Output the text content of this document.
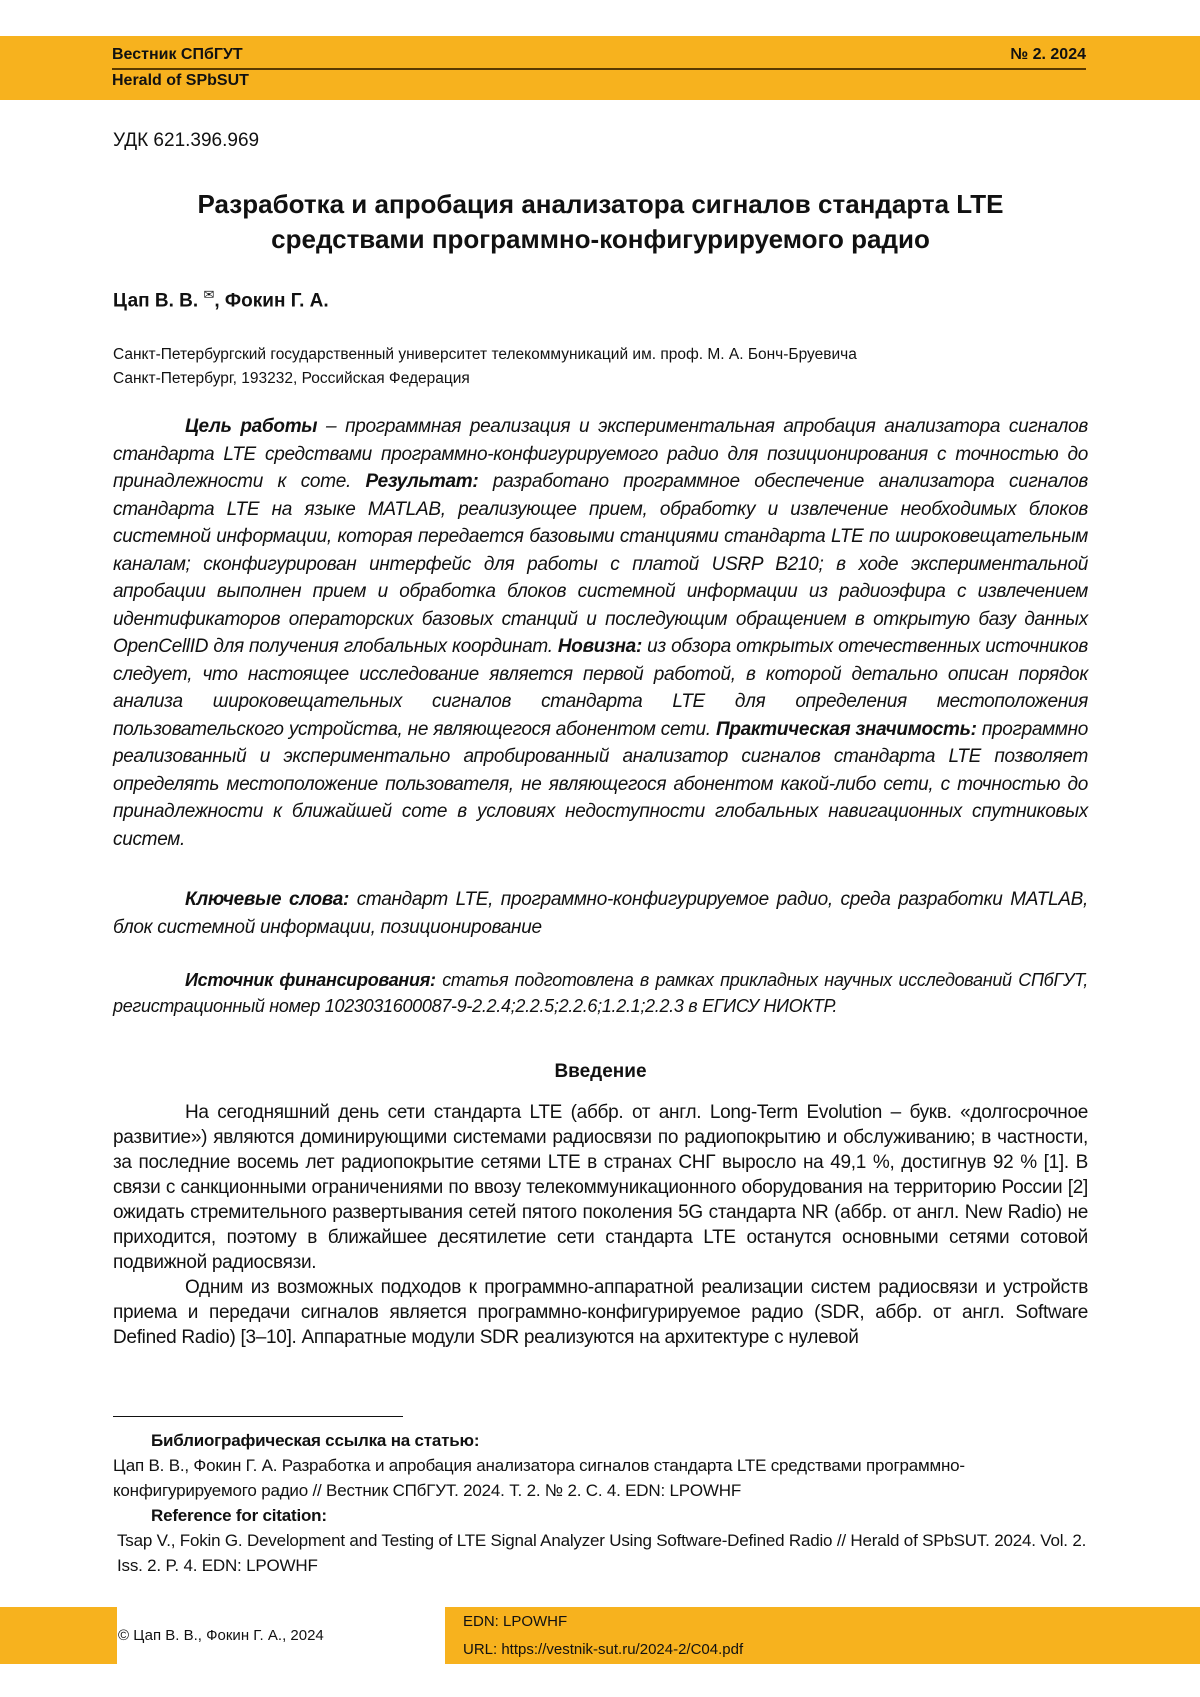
Вестник СПбГУТ	№ 2. 2024
Herald of SPbSUT
УДК 621.396.969
Разработка и апробация анализатора сигналов стандарта LTE
средствами программно-конфигурируемого радио
Цап В. В. ✉, Фокин Г. А.
Санкт-Петербургский государственный университет телекоммуникаций им. проф. М. А. Бонч-Бруевича
Санкт-Петербург, 193232, Российская Федерация
Цель работы – программная реализация и экспериментальная апробация анализатора сигналов стандарта LTE средствами программно-конфигурируемого радио для позиционирования с точностью до принадлежности к соте. Результат: разработано программное обеспечение анализатора сигналов стандарта LTE на языке MATLAB, реализующее прием, обработку и извлечение необходимых блоков системной информации, которая передается базовыми станциями стандарта LTE по широковещательным каналам; сконфигурирован интерфейс для работы с платой USRP B210; в ходе экспериментальной апробации выполнен прием и обработка блоков системной информации из радиоэфира с извлечением идентификаторов операторских базовых станций и последующим обращением в открытую базу данных OpenCellID для получения глобальных координат. Новизна: из обзора открытых отечественных источников следует, что настоящее исследование является первой работой, в которой детально описан порядок анализа широковещательных сигналов стандарта LTE для определения местоположения пользовательского устройства, не являющегося абонентом сети. Практическая значимость: программно реализованный и экспериментально апробированный анализатор сигналов стандарта LTE позволяет определять местоположение пользователя, не являющегося абонентом какой-либо сети, с точностью до принадлежности к ближайшей соте в условиях недоступности глобальных навигационных спутниковых систем.
Ключевые слова: стандарт LTE, программно-конфигурируемое радио, среда разработки MATLAB, блок системной информации, позиционирование
Источник финансирования: статья подготовлена в рамках прикладных научных исследований СПбГУТ, регистрационный номер 1023031600087-9-2.2.4;2.2.5;2.2.6;1.2.1;2.2.3 в ЕГИСУ НИОКТР.
Введение

На сегодняшний день сети стандарта LTE (аббр. от англ. Long-Term Evolution – букв. «долгосрочное развитие») являются доминирующими системами радиосвязи по радиопокрытию и обслуживанию; в частности, за последние восемь лет радиопокрытие сетями LTE в странах СНГ выросло на 49,1 %, достигнув 92 % [1]. В связи с санкционными ограничениями по ввозу телекоммуникационного оборудования на территорию России [2] ожидать стремительного развертывания сетей пятого поколения 5G стандарта NR (аббр. от англ. New Radio) не приходится, поэтому в ближайшее десятилетие сети стандарта LTE останутся основными сетями сотовой подвижной радиосвязи.

Одним из возможных подходов к программно-аппаратной реализации систем радиосвязи и устройств приема и передачи сигналов является программно-конфигурируемое радио (SDR, аббр. от англ. Software Defined Radio) [3–10]. Аппаратные модули SDR реализуются на архитектуре с нулевой

Библиографическая ссылка на статью:
Цап В. В., Фокин Г. А. Разработка и апробация анализатора сигналов стандарта LTE средствами программно-конфигурируемого радио // Вестник СПбГУТ. 2024. Т. 2. № 2. С. 4. EDN: LPOWHF
Reference for citation:
Tsap V., Fokin G. Development and Testing of LTE Signal Analyzer Using Software-Defined Radio // Herald of SPbSUT. 2024. Vol. 2. Iss. 2. P. 4. EDN: LPOWHF
© Цап В. В., Фокин Г. А., 2024
EDN: LPOWHF
URL: https://vestnik-sut.ru/2024-2/C04.pdf
